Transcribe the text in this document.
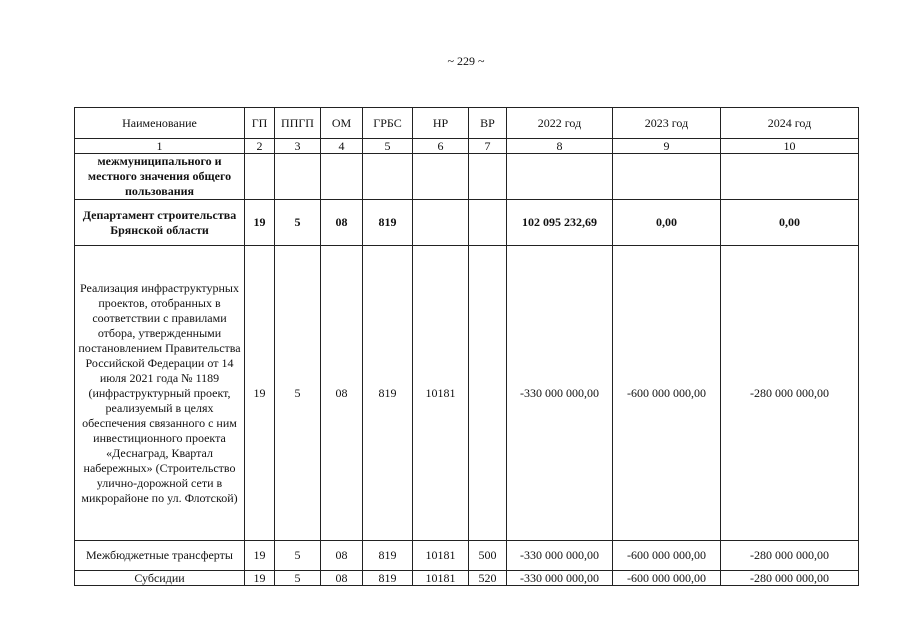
~ 229 ~
Наименование	ГП	ППГП	ОМ	ГРБС	НР	ВР	2022 год	2023 год	2024 год
1	2	3	4	5	6	7	8	9	10
межмуниципального и местного значения общего пользования									
Департамент строительства Брянской области	19	5	08	819			102 095 232,69	0,00	0,00
Реализация инфраструктурных проектов, отобранных в соответствии с правилами отбора, утвержденными постановлением Правительства Российской Федерации от 14 июля 2021 года № 1189 (инфраструктурный проект, реализуемый в целях обеспечения связанного с ним инвестиционного проекта «Деснаград, Квартал набережных» (Строительство улично-дорожной сети в микрорайоне по ул. Флотской)	19	5	08	819	10181		-330 000 000,00	-600 000 000,00	-280 000 000,00
Межбюджетные трансферты	19	5	08	819	10181	500	-330 000 000,00	-600 000 000,00	-280 000 000,00
Субсидии	19	5	08	819	10181	520	-330 000 000,00	-600 000 000,00	-280 000 000,00
